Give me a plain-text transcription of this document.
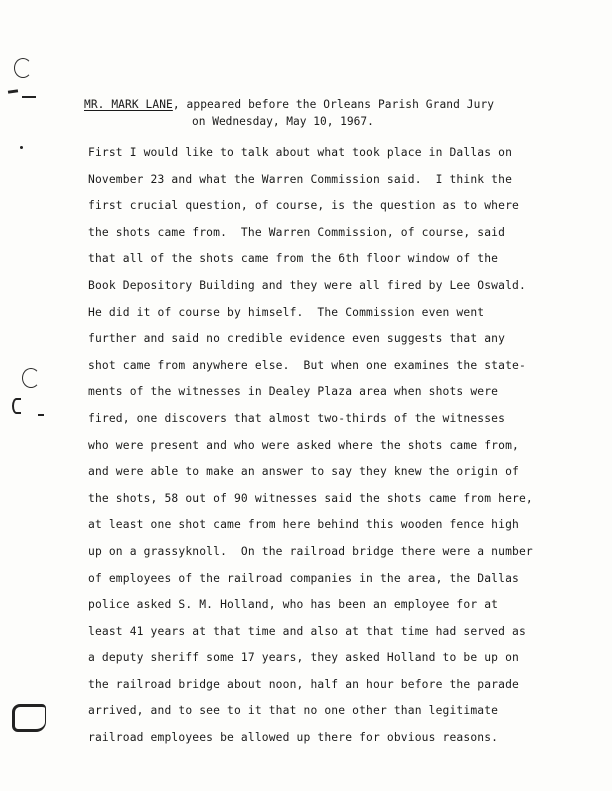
MR. MARK LANE, appeared before the Orleans Parish Grand Jury
on Wednesday, May 10, 1967.
First I would like to talk about what took place in Dallas on
November 23 and what the Warren Commission said.  I think the
first crucial question, of course, is the question as to where
the shots came from.  The Warren Commission, of course, said
that all of the shots came from the 6th floor window of the
Book Depository Building and they were all fired by Lee Oswald.
He did it of course by himself.  The Commission even went
further and said no credible evidence even suggests that any
shot came from anywhere else.  But when one examines the state-
ments of the witnesses in Dealey Plaza area when shots were
fired, one discovers that almost two-thirds of the witnesses
who were present and who were asked where the shots came from,
and were able to make an answer to say they knew the origin of
the shots, 58 out of 90 witnesses said the shots came from here,
at least one shot came from here behind this wooden fence high
up on a grassyknoll.  On the railroad bridge there were a number
of employees of the railroad companies in the area, the Dallas
police asked S. M. Holland, who has been an employee for at
least 41 years at that time and also at that time had served as
a deputy sheriff some 17 years, they asked Holland to be up on
the railroad bridge about noon, half an hour before the parade
arrived, and to see to it that no one other than legitimate
railroad employees be allowed up there for obvious reasons.
